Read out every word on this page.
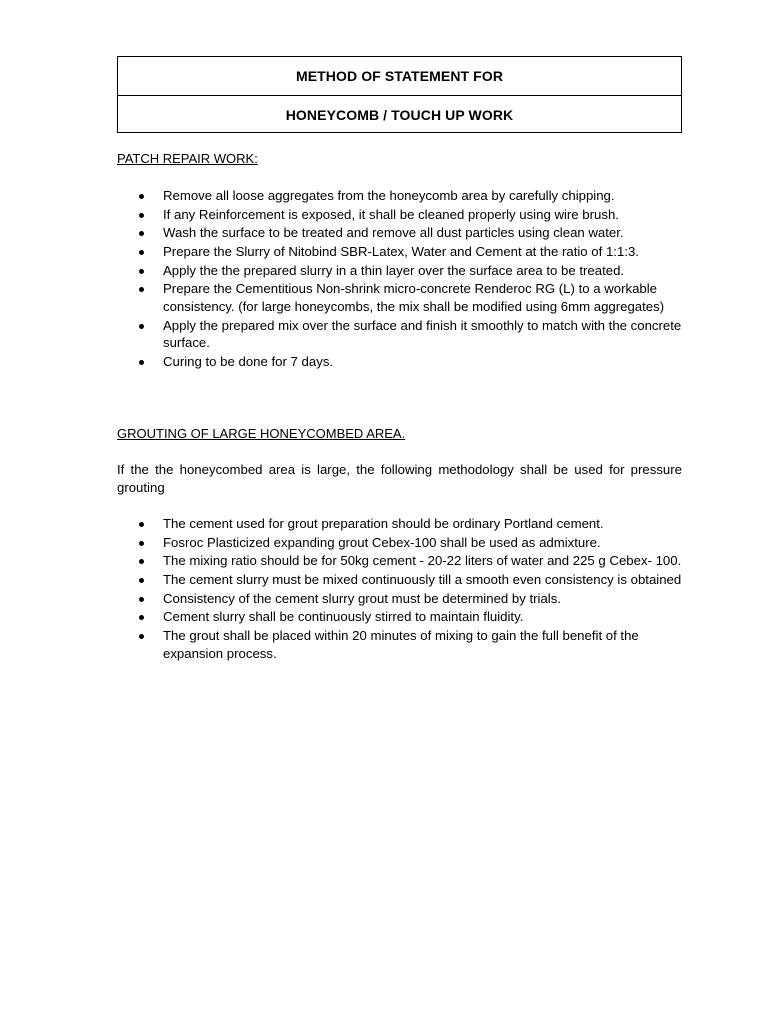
METHOD OF STATEMENT FOR
HONEYCOMB / TOUCH UP WORK
PATCH REPAIR WORK:
Remove all loose aggregates from the honeycomb area by carefully chipping.
If any Reinforcement is exposed, it shall be cleaned properly using wire brush.
Wash the surface to be treated and remove all dust particles using clean water.
Prepare the Slurry of Nitobind SBR-Latex, Water and Cement at the ratio of 1:1:3.
Apply the the prepared slurry in a thin layer over the surface area to be treated.
Prepare the Cementitious Non-shrink micro-concrete Renderoc RG (L) to a workable consistency. (for large honeycombs, the mix shall be modified using 6mm aggregates)
Apply the prepared mix over the surface and finish it smoothly to match with the concrete surface.
Curing to be done for 7 days.
GROUTING OF LARGE HONEYCOMBED AREA.

If the the honeycombed area is large, the following methodology shall be used for pressure grouting

The cement used for grout preparation should be ordinary Portland cement.
Fosroc Plasticized expanding grout Cebex-100 shall be used as admixture.
The mixing ratio should be for 50kg cement - 20-22 liters of water and 225 g Cebex- 100.
The cement slurry must be mixed continuously till a smooth even consistency is obtained
Consistency of the cement slurry grout must be determined by trials.
Cement slurry shall be continuously stirred to maintain fluidity.
The grout shall be placed within 20 minutes of mixing to gain the full benefit of the expansion process.
